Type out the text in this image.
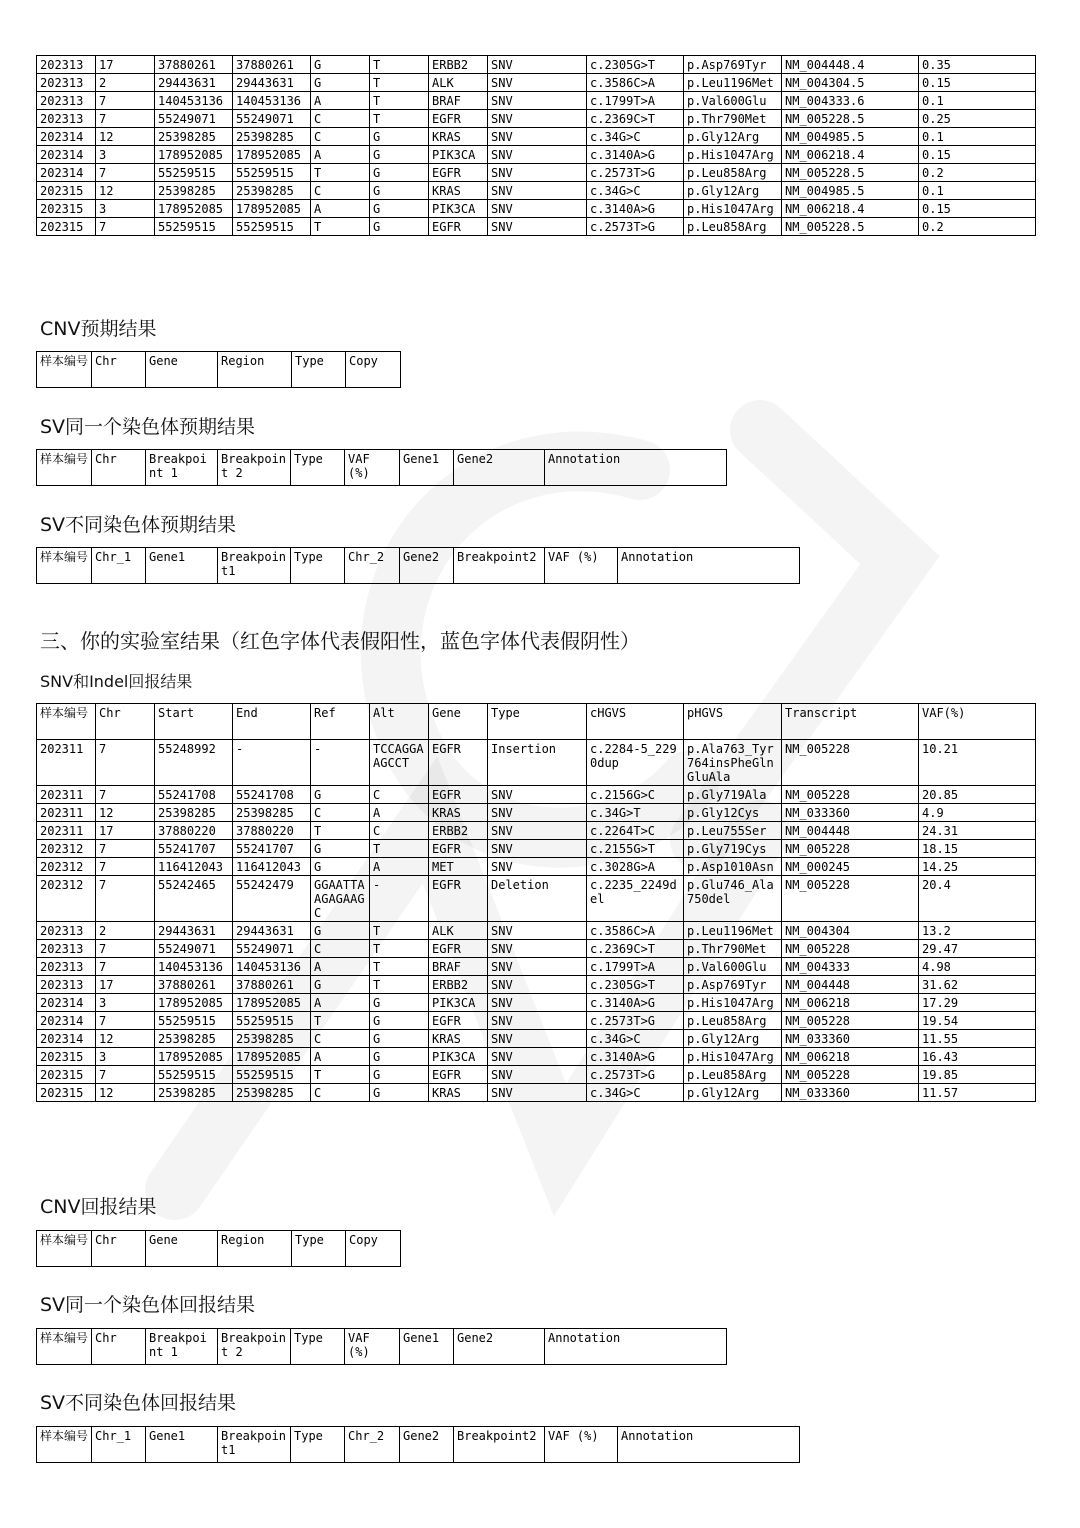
202313	17	37880261	37880261	G	T	ERBB2	SNV	c.2305G>T	p.Asp769Tyr	NM_004448.4	0.35
202313	2	29443631	29443631	G	T	ALK	SNV	c.3586C>A	p.Leu1196Met	NM_004304.5	0.15
202313	7	140453136	140453136	A	T	BRAF	SNV	c.1799T>A	p.Val600Glu	NM_004333.6	0.1
202313	7	55249071	55249071	C	T	EGFR	SNV	c.2369C>T	p.Thr790Met	NM_005228.5	0.25
202314	12	25398285	25398285	C	G	KRAS	SNV	c.34G>C	p.Gly12Arg	NM_004985.5	0.1
202314	3	178952085	178952085	A	G	PIK3CA	SNV	c.3140A>G	p.His1047Arg	NM_006218.4	0.15
202314	7	55259515	55259515	T	G	EGFR	SNV	c.2573T>G	p.Leu858Arg	NM_005228.5	0.2
202315	12	25398285	25398285	C	G	KRAS	SNV	c.34G>C	p.Gly12Arg	NM_004985.5	0.1
202315	3	178952085	178952085	A	G	PIK3CA	SNV	c.3140A>G	p.His1047Arg	NM_006218.4	0.15
202315	7	55259515	55259515	T	G	EGFR	SNV	c.2573T>G	p.Leu858Arg	NM_005228.5	0.2
CNV预期结果
样本编号	Chr	Gene	Region	Type	Copy
SV同一个染色体预期结果
样本编号	Chr	Breakpoint 1	Breakpoint 2	Type	VAF (%)	Gene1	Gene2	Annotation
SV不同染色体预期结果
样本编号	Chr_1	Gene1	Breakpoint1	Type	Chr_2	Gene2	Breakpoint2	VAF (%)	Annotation
三、你的实验室结果（红色字体代表假阳性，蓝色字体代表假阴性）
SNV和Indel回报结果
样本编号	Chr	Start	End	Ref	Alt	Gene	Type	cHGVS	pHGVS	Transcript	VAF(%)
202311	7	55248992	-	-	TCCAGGAAGCCT	EGFR	Insertion	c.2284-5_2290dup	p.Ala763_Tyr764insPheGlnGluAla	NM_005228	10.21
202311	7	55241708	55241708	G	C	EGFR	SNV	c.2156G>C	p.Gly719Ala	NM_005228	20.85
202311	12	25398285	25398285	C	A	KRAS	SNV	c.34G>T	p.Gly12Cys	NM_033360	4.9
202311	17	37880220	37880220	T	C	ERBB2	SNV	c.2264T>C	p.Leu755Ser	NM_004448	24.31
202312	7	55241707	55241707	G	T	EGFR	SNV	c.2155G>T	p.Gly719Cys	NM_005228	18.15
202312	7	116412043	116412043	G	A	MET	SNV	c.3028G>A	p.Asp1010Asn	NM_000245	14.25
202312	7	55242465	55242479	GGAATTAAGAGAAGC	-	EGFR	Deletion	c.2235_2249del	p.Glu746_Ala750del	NM_005228	20.4
202313	2	29443631	29443631	G	T	ALK	SNV	c.3586C>A	p.Leu1196Met	NM_004304	13.2
202313	7	55249071	55249071	C	T	EGFR	SNV	c.2369C>T	p.Thr790Met	NM_005228	29.47
202313	7	140453136	140453136	A	T	BRAF	SNV	c.1799T>A	p.Val600Glu	NM_004333	4.98
202313	17	37880261	37880261	G	T	ERBB2	SNV	c.2305G>T	p.Asp769Tyr	NM_004448	31.62
202314	3	178952085	178952085	A	G	PIK3CA	SNV	c.3140A>G	p.His1047Arg	NM_006218	17.29
202314	7	55259515	55259515	T	G	EGFR	SNV	c.2573T>G	p.Leu858Arg	NM_005228	19.54
202314	12	25398285	25398285	C	G	KRAS	SNV	c.34G>C	p.Gly12Arg	NM_033360	11.55
202315	3	178952085	178952085	A	G	PIK3CA	SNV	c.3140A>G	p.His1047Arg	NM_006218	16.43
202315	7	55259515	55259515	T	G	EGFR	SNV	c.2573T>G	p.Leu858Arg	NM_005228	19.85
202315	12	25398285	25398285	C	G	KRAS	SNV	c.34G>C	p.Gly12Arg	NM_033360	11.57
CNV回报结果
样本编号	Chr	Gene	Region	Type	Copy
SV同一个染色体回报结果
样本编号	Chr	Breakpoint 1	Breakpoint 2	Type	VAF (%)	Gene1	Gene2	Annotation
SV不同染色体回报结果
样本编号	Chr_1	Gene1	Breakpoint1	Type	Chr_2	Gene2	Breakpoint2	VAF (%)	Annotation
